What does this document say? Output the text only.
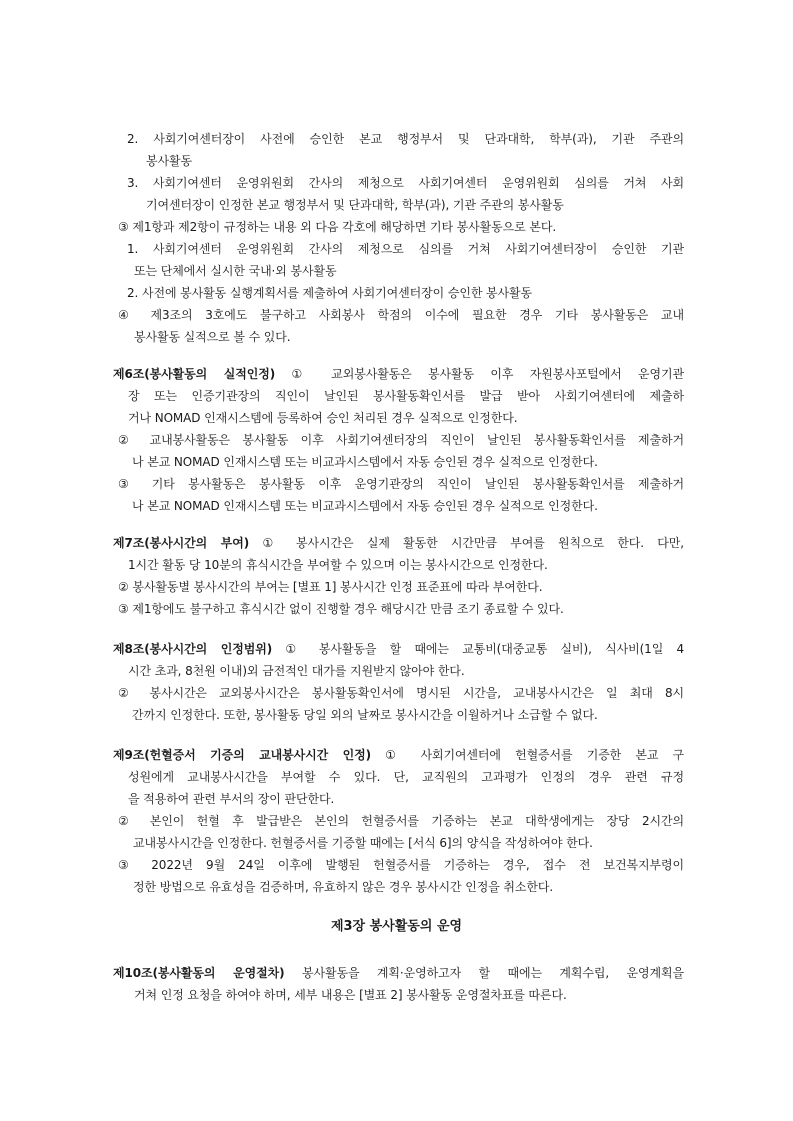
2. 사회기여센터장이 사전에 승인한 본교 행정부서 및 단과대학, 학부(과), 기관 주관의
봉사활동
3. 사회기여센터 운영위원회 간사의 제청으로 사회기여센터 운영위원회 심의를 거쳐 사회
기여센터장이 인정한 본교 행정부서 및 단과대학, 학부(과), 기관 주관의 봉사활동
③ 제1항과 제2항이 규정하는 내용 외 다음 각호에 해당하면 기타 봉사활동으로 본다.
1. 사회기여센터 운영위원회 간사의 제청으로 심의를 거쳐 사회기여센터장이 승인한 기관
또는 단체에서 실시한 국내·외 봉사활동
2. 사전에 봉사활동 실행계획서를 제출하여 사회기여센터장이 승인한 봉사활동
④ 제3조의 3호에도 불구하고 사회봉사 학점의 이수에 필요한 경우 기타 봉사활동은 교내
봉사활동 실적으로 볼 수 있다.
제6조(봉사활동의 실적인정) ① 교외봉사활동은 봉사활동 이후 자원봉사포털에서 운영기관
장 또는 인증기관장의 직인이 날인된 봉사활동확인서를 발급 받아 사회기여센터에 제출하
거나 NOMAD 인재시스템에 등록하여 승인 처리된 경우 실적으로 인정한다.
② 교내봉사활동은 봉사활동 이후 사회기여센터장의 직인이 날인된 봉사활동확인서를 제출하거
나 본교 NOMAD 인재시스템 또는 비교과시스템에서 자동 승인된 경우 실적으로 인정한다.
③ 기타 봉사활동은 봉사활동 이후 운영기관장의 직인이 날인된 봉사활동확인서를 제출하거
나 본교 NOMAD 인재시스템 또는 비교과시스템에서 자동 승인된 경우 실적으로 인정한다.
제7조(봉사시간의 부여) ① 봉사시간은 실제 활동한 시간만큼 부여를 원칙으로 한다. 다만,
1시간 활동 당 10분의 휴식시간을 부여할 수 있으며 이는 봉사시간으로 인정한다.
② 봉사활동별 봉사시간의 부여는 [별표 1] 봉사시간 인정 표준표에 따라 부여한다.
③ 제1항에도 불구하고 휴식시간 없이 진행할 경우 해당시간 만큼 조기 종료할 수 있다.
제8조(봉사시간의 인정범위) ① 봉사활동을 할 때에는 교통비(대중교통 실비), 식사비(1일 4
시간 초과, 8천원 이내)외 금전적인 대가를 지원받지 않아야 한다.
② 봉사시간은 교외봉사시간은 봉사활동확인서에 명시된 시간을, 교내봉사시간은 일 최대 8시
간까지 인정한다. 또한, 봉사활동 당일 외의 날짜로 봉사시간을 이월하거나 소급할 수 없다.
제9조(헌혈증서 기증의 교내봉사시간 인정) ① 사회기여센터에 헌혈증서를 기증한 본교 구
성원에게 교내봉사시간을 부여할 수 있다. 단, 교직원의 고과평가 인정의 경우 관련 규정
을 적용하여 관련 부서의 장이 판단한다.
② 본인이 헌혈 후 발급받은 본인의 헌혈증서를 기증하는 본교 대학생에게는 장당 2시간의
교내봉사시간을 인정한다. 헌혈증서를 기증할 때에는 [서식 6]의 양식을 작성하여야 한다.
③ 2022년 9월 24일 이후에 발행된 헌혈증서를 기증하는 경우, 접수 전 보건복지부령이
정한 방법으로 유효성을 검증하며, 유효하지 않은 경우 봉사시간 인정을 취소한다.
제3장 봉사활동의 운영
제10조(봉사활동의 운영절차) 봉사활동을 계획·운영하고자 할 때에는 계획수립, 운영계획을
거쳐 인정 요청을 하여야 하며, 세부 내용은 [별표 2] 봉사활동 운영절차표를 따른다.
